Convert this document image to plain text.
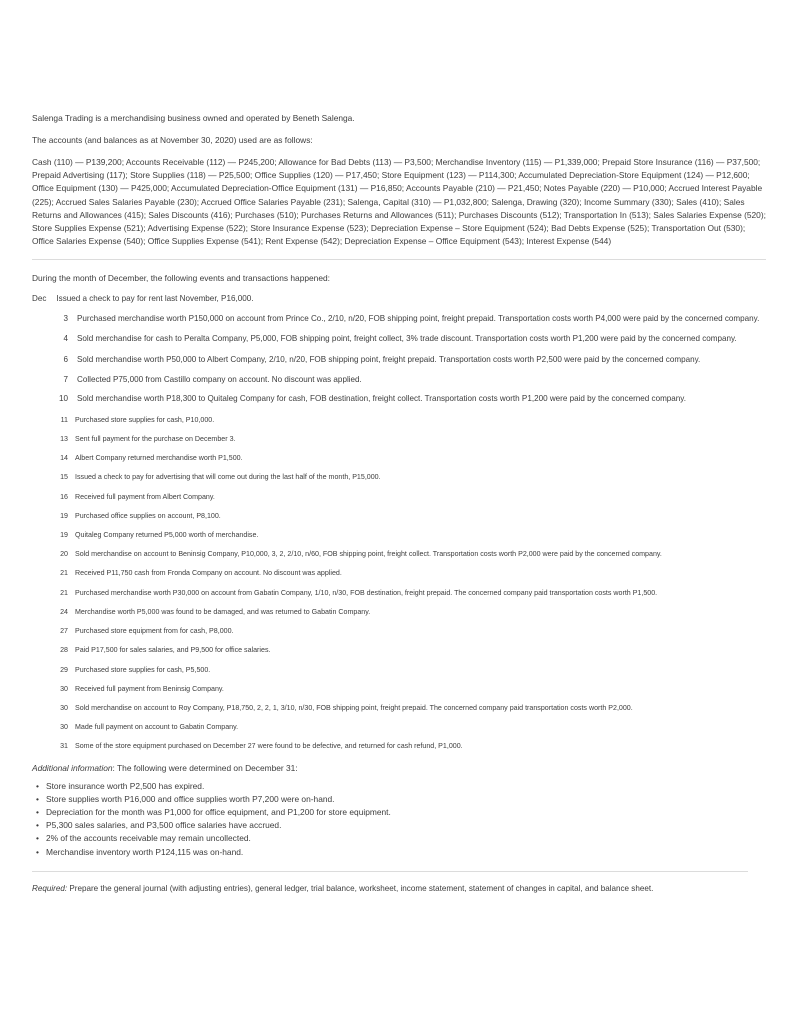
Salenga Trading is a merchandising business owned and operated by Beneth Salenga.

The accounts (and balances as at November 30, 2020) used are as follows:

Cash (110) — P139,200; Accounts Receivable (112) — P245,200; Allowance for Bad Debts (113) — P3,500; Merchandise Inventory (115) — P1,339,000; Prepaid Store Insurance (116) — P37,500; Prepaid Advertising (117); Store Supplies (118) — P25,500; Office Supplies (120) — P17,450; Store Equipment (123) — P114,300; Accumulated Depreciation-Store Equipment (124) — P12,600; Office Equipment (130) — P425,000; Accumulated Depreciation-Office Equipment (131) — P16,850; Accounts Payable (210) — P21,450; Notes Payable (220) — P10,000; Accrued Interest Payable (225); Accrued Sales Salaries Payable (230); Accrued Office Salaries Payable (231); Salenga, Capital (310) — P1,032,800; Salenga, Drawing (320); Income Summary (330); Sales (410); Sales Returns and Allowances (415); Sales Discounts (416); Purchases (510); Purchases Returns and Allowances (511); Purchases Discounts (512); Transportation In (513); Sales Salaries Expense (520); Store Supplies Expense (521); Advertising Expense (522); Store Insurance Expense (523); Depreciation Expense – Store Equipment (524); Bad Debts Expense (525); Transportation Out (530); Office Salaries Expense (540); Office Supplies Expense (541); Rent Expense (542); Depreciation Expense – Office Equipment (543); Interest Expense (544)

During the month of December, the following events and transactions happened:

Dec Issued a check to pay for rent last November, P16,000.
3 Purchased merchandise worth P150,000 on account from Prince Co., 2/10, n/20, FOB shipping point, freight prepaid. Transportation costs worth P4,000 were paid by the concerned company.
4 Sold merchandise for cash to Peralta Company, P5,000, FOB shipping point, freight collect, 3% trade discount. Transportation costs worth P1,200 were paid by the concerned company.
6 Sold merchandise worth P50,000 to Albert Company, 2/10, n/20, FOB shipping point, freight prepaid. Transportation costs worth P2,500 were paid by the concerned company.
7 Collected P75,000 from Castillo company on account. No discount was applied.
10 Sold merchandise worth P18,300 to Quitaleg Company for cash, FOB destination, freight collect. Transportation costs worth P1,200 were paid by the concerned company.
11 Purchased store supplies for cash, P10,000.
13 Sent full payment for the purchase on December 3.
14 Albert Company returned merchandise worth P1,500.
15 Issued a check to pay for advertising that will come out during the last half of the month, P15,000.
16 Received full payment from Albert Company.
19 Purchased office supplies on account, P8,100.
19 Quitaleg Company returned P5,000 worth of merchandise.
20 Sold merchandise on account to Beninsig Company, P10,000, 3, 2, 2/10, n/60, FOB shipping point, freight collect. Transportation costs worth P2,000 were paid by the concerned company.
21 Received P11,750 cash from Fronda Company on account. No discount was applied.
21 Purchased merchandise worth P30,000 on account from Gabatin Company, 1/10, n/30, FOB destination, freight prepaid. The concerned company paid transportation costs worth P1,500.
24 Merchandise worth P5,000 was found to be damaged, and was returned to Gabatin Company.
27 Purchased store equipment from for cash, P8,000.
28 Paid P17,500 for sales salaries, and P9,500 for office salaries.
29 Purchased store supplies for cash, P5,500.
30 Received full payment from Beninsig Company.
30 Sold merchandise on account to Roy Company, P18,750, 2, 2, 1, 3/10, n/30, FOB shipping point, freight prepaid. The concerned company paid transportation costs worth P2,000.
30 Made full payment on account to Gabatin Company.
31 Some of the store equipment purchased on December 27 were found to be defective, and returned for cash refund, P1,000.

Additional information: The following were determined on December 31:

• Store insurance worth P2,500 has expired.
• Store supplies worth P16,000 and office supplies worth P7,200 were on-hand.
• Depreciation for the month was P1,000 for office equipment, and P1,200 for store equipment.
• P5,300 sales salaries, and P3,500 office salaries have accrued.
• 2% of the accounts receivable may remain uncollected.
• Merchandise inventory worth P124,115 was on-hand.

Required: Prepare the general journal (with adjusting entries), general ledger, trial balance, worksheet, income statement, statement of changes in capital, and balance sheet.
